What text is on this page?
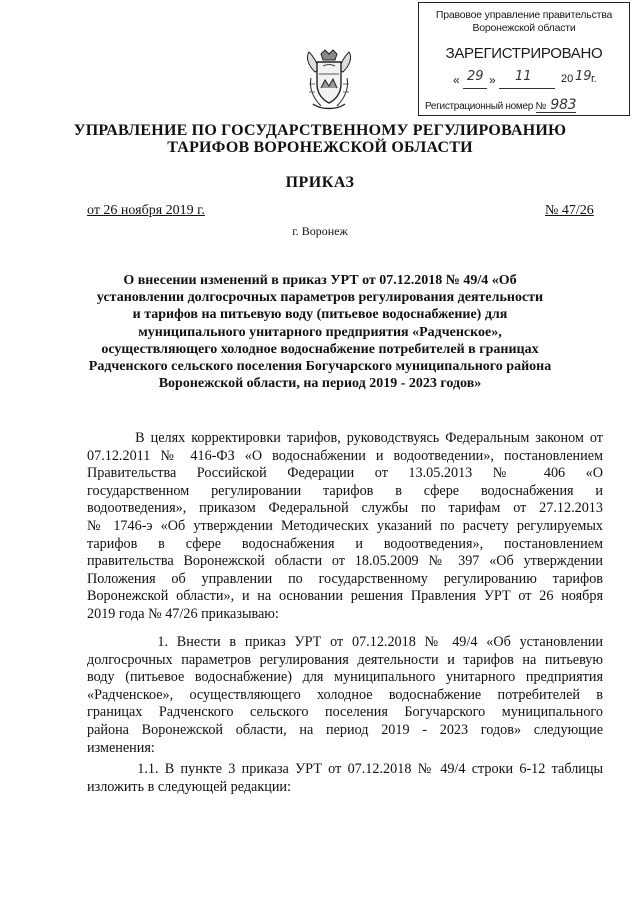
Правовое управление правительства
Воронежской области
ЗАРЕГИСТРИРОВАНО
« 29 » 11	20 19 г.
Регистрационный номер № 983
УПРАВЛЕНИЕ ПО ГОСУДАРСТВЕННОМУ РЕГУЛИРОВАНИЮ
ТАРИФОВ ВОРОНЕЖСКОЙ ОБЛАСТИ
ПРИКАЗ
от 26 ноября 2019 г.	№ 47/26
г. Воронеж
О внесении изменений в приказ УРТ от 07.12.2018 № 49/4 «Об
установлении долгосрочных параметров регулирования деятельности
и тарифов на питьевую воду (питьевое водоснабжение) для
муниципального унитарного предприятия «Радченское»,
осуществляющего холодное водоснабжение потребителей в границах
Радченского сельского поселения Богучарского муниципального района
Воронежской области, на период 2019 - 2023 годов»
В целях корректировки тарифов, руководствуясь Федеральным законом от
07.12.2011 № 416-ФЗ «О водоснабжении и водоотведении», постановлением
Правительства Российской Федерации от 13.05.2013 № 406 «О
государственном регулировании тарифов в сфере водоснабжения и
водоотведения», приказом Федеральной службы по тарифам от 27.12.2013
№ 1746-э «Об утверждении Методических указаний по расчету регулируемых
тарифов в сфере водоснабжения и водоотведения», постановлением
правительства Воронежской области от 18.05.2009 № 397 «Об утверждении
Положения об управлении по государственному регулированию тарифов
Воронежской области», и на основании решения Правления УРТ от 26 ноября
2019 года № 47/26 приказываю:
1. Внести в приказ УРТ от 07.12.2018 № 49/4 «Об установлении
долгосрочных параметров регулирования деятельности и тарифов на питьевую
воду (питьевое водоснабжение) для муниципального унитарного предприятия
«Радченское», осуществляющего холодное водоснабжение потребителей в
границах Радченского сельского поселения Богучарского муниципального
района Воронежской области, на период 2019 - 2023 годов» следующие
изменения:
1.1. В пункте 3 приказа УРТ от 07.12.2018 № 49/4 строки 6-12 таблицы
изложить в следующей редакции:
